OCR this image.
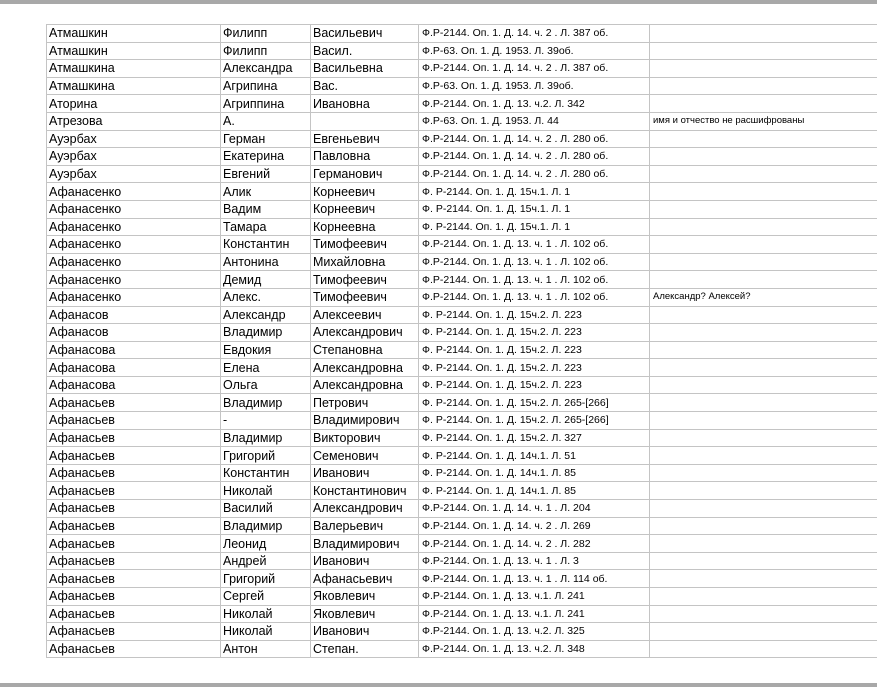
Атмашкин	Филипп	Васильевич	Ф.Р-2144. Оп. 1. Д. 14. ч. 2 . Л. 387 об.	
Атмашкин	Филипп	Васил.	Ф.Р-63. Оп. 1. Д. 1953. Л. 39об.	
Атмашкина	Александра	Васильевна	Ф.Р-2144. Оп. 1. Д. 14. ч. 2 . Л. 387 об.	
Атмашкина	Агрипина	Вас.	Ф.Р-63. Оп. 1. Д. 1953. Л. 39об.	
Аторина	Агриппина	Ивановна	Ф.Р-2144. Оп. 1. Д. 13. ч.2. Л. 342	
Атрезова	А.		Ф.Р-63. Оп. 1. Д. 1953. Л. 44	имя и отчество не расшифрованы
Ауэрбах	Герман	Евгеньевич	Ф.Р-2144. Оп. 1. Д. 14. ч. 2 . Л. 280 об.	
Ауэрбах	Екатерина	Павловна	Ф.Р-2144. Оп. 1. Д. 14. ч. 2 . Л. 280 об.	
Ауэрбах	Евгений	Германович	Ф.Р-2144. Оп. 1. Д. 14. ч. 2 . Л. 280 об.	
Афанасенко	Алик	Корнеевич	Ф. Р-2144. Оп. 1. Д. 15ч.1. Л. 1	
Афанасенко	Вадим	Корнеевич	Ф. Р-2144. Оп. 1. Д. 15ч.1. Л. 1	
Афанасенко	Тамара	Корнеевна	Ф. Р-2144. Оп. 1. Д. 15ч.1. Л. 1	
Афанасенко	Константин	Тимофеевич	Ф.Р-2144. Оп. 1. Д. 13. ч. 1 . Л. 102 об.	
Афанасенко	Антонина	Михайловна	Ф.Р-2144. Оп. 1. Д. 13. ч. 1 . Л. 102 об.	
Афанасенко	Демид	Тимофеевич	Ф.Р-2144. Оп. 1. Д. 13. ч. 1 . Л. 102 об.	
Афанасенко	Алекс.	Тимофеевич	Ф.Р-2144. Оп. 1. Д. 13. ч. 1 . Л. 102 об.	Александр? Алексей?
Афанасов	Александр	Алексеевич	Ф. Р-2144. Оп. 1. Д. 15ч.2. Л. 223	
Афанасов	Владимир	Александрович	Ф. Р-2144. Оп. 1. Д. 15ч.2. Л. 223	
Афанасова	Евдокия	Степановна	Ф. Р-2144. Оп. 1. Д. 15ч.2. Л. 223	
Афанасова	Елена	Александровна	Ф. Р-2144. Оп. 1. Д. 15ч.2. Л. 223	
Афанасова	Ольга	Александровна	Ф. Р-2144. Оп. 1. Д. 15ч.2. Л. 223	
Афанасьев	Владимир	Петрович	Ф. Р-2144. Оп. 1. Д. 15ч.2. Л. 265-[266]	
Афанасьев	-	Владимирович	Ф. Р-2144. Оп. 1. Д. 15ч.2. Л. 265-[266]	
Афанасьев	Владимир	Викторович	Ф. Р-2144. Оп. 1. Д. 15ч.2. Л. 327	
Афанасьев	Григорий	Семенович	Ф. Р-2144. Оп. 1. Д. 14ч.1. Л. 51	
Афанасьев	Константин	Иванович	Ф. Р-2144. Оп. 1. Д. 14ч.1. Л. 85	
Афанасьев	Николай	Константинович	Ф. Р-2144. Оп. 1. Д. 14ч.1. Л. 85	
Афанасьев	Василий	Александрович	Ф.Р-2144. Оп. 1. Д. 14. ч. 1 . Л. 204	
Афанасьев	Владимир	Валерьевич	Ф.Р-2144. Оп. 1. Д. 14. ч. 2 . Л. 269	
Афанасьев	Леонид	Владимирович	Ф.Р-2144. Оп. 1. Д. 14. ч. 2 . Л. 282	
Афанасьев	Андрей	Иванович	Ф.Р-2144. Оп. 1. Д. 13. ч. 1 . Л. 3	
Афанасьев	Григорий	Афанасьевич	Ф.Р-2144. Оп. 1. Д. 13. ч. 1 . Л. 114 об.	
Афанасьев	Сергей	Яковлевич	Ф.Р-2144. Оп. 1. Д. 13. ч.1. Л. 241	
Афанасьев	Николай	Яковлевич	Ф.Р-2144. Оп. 1. Д. 13. ч.1. Л. 241	
Афанасьев	Николай	Иванович	Ф.Р-2144. Оп. 1. Д. 13. ч.2. Л. 325	
Афанасьев	Антон	Степан.	Ф.Р-2144. Оп. 1. Д. 13. ч.2. Л. 348	
